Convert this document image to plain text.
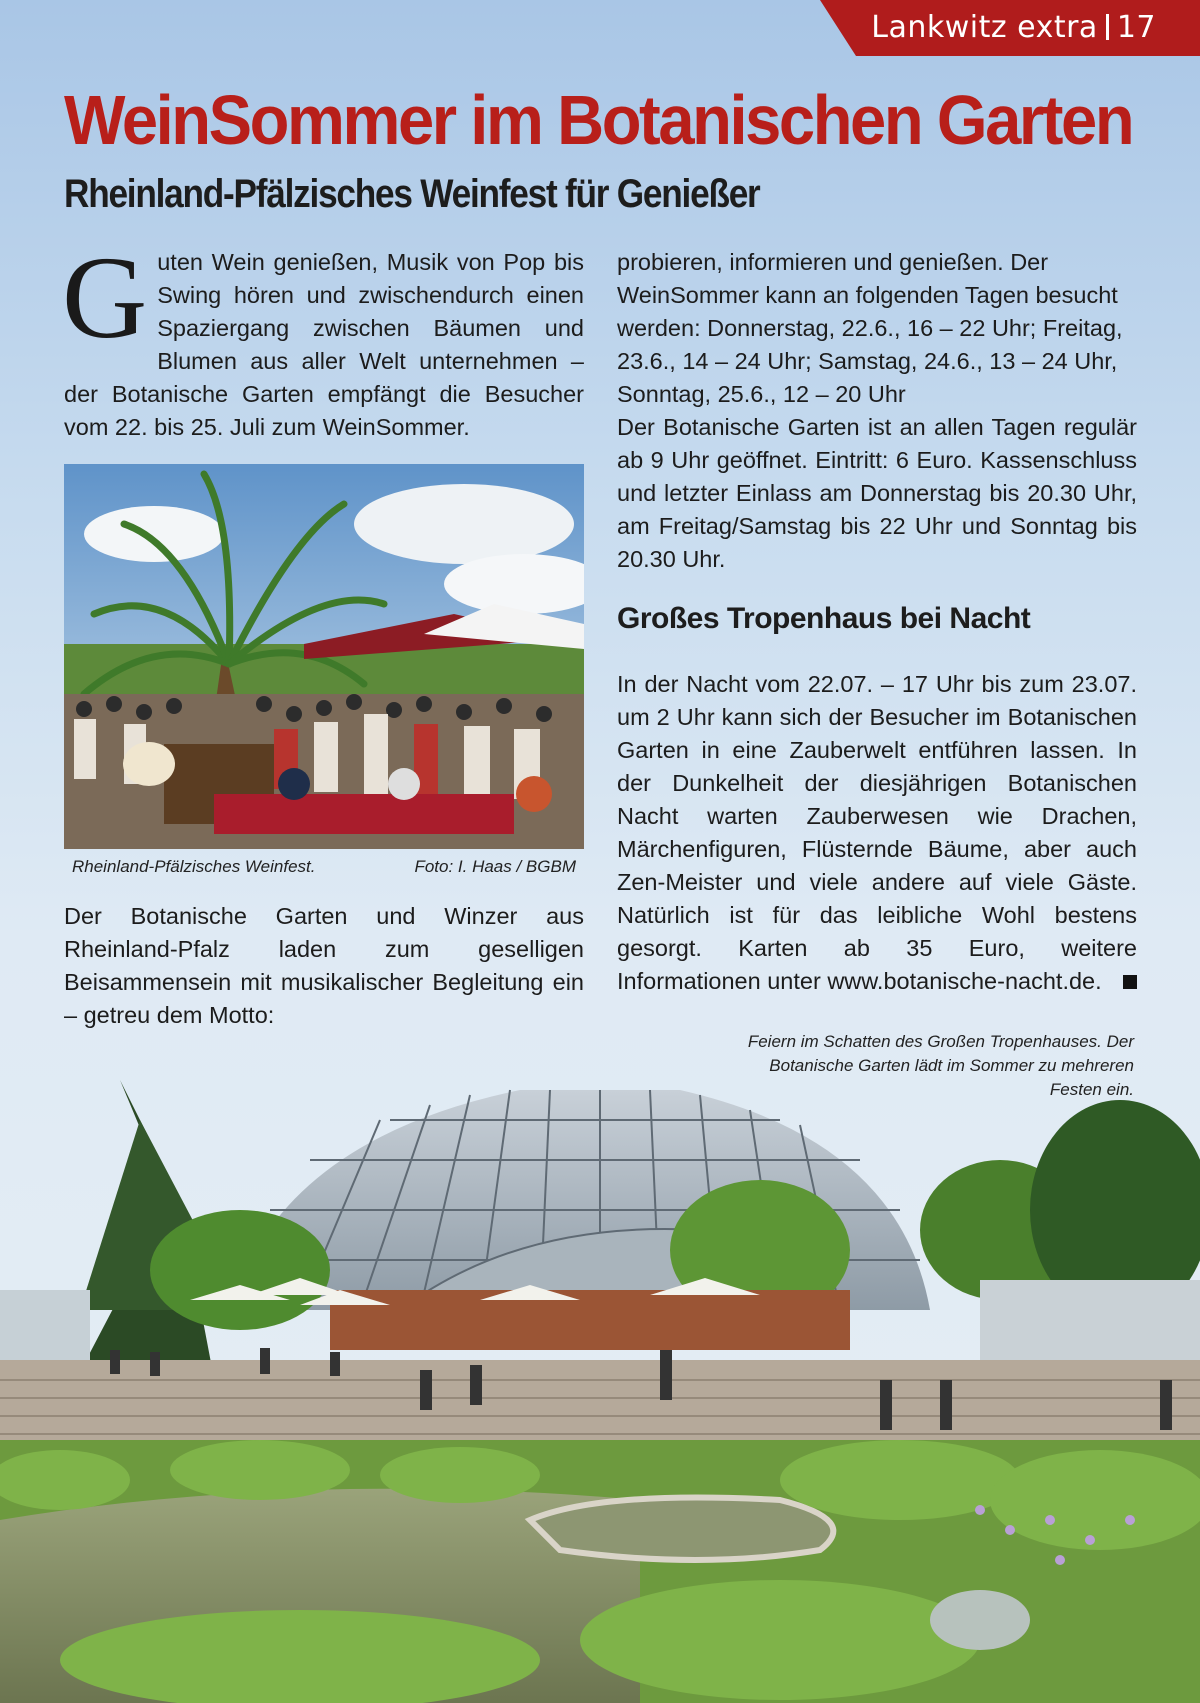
Lankwitz extra 17
WeinSommer im Botanischen Garten
Rheinland-Pfälzisches Weinfest für Genießer
G uten Wein genießen, Musik von Pop bis Swing hören und zwischendurch einen Spaziergang zwischen Bäumen und Blumen aus aller Welt unternehmen – der Botanische Garten empfängt die Besucher vom 22. bis 25. Juli zum WeinSommer.
Rheinland-Pfälzisches Weinfest.	Foto: I. Haas / BGBM

Der Botanische Garten und Winzer aus Rheinland-Pfalz laden zum geselligen Beisammensein mit musikalischer Begleitung ein – getreu dem Motto:

probieren, informieren und genießen. Der WeinSommer kann an folgenden Tagen besucht werden: Donnerstag, 22.6., 16 – 22 Uhr; Freitag, 23.6., 14 – 24 Uhr; Samstag, 24.6., 13 – 24 Uhr, Sonntag, 25.6., 12 – 20 Uhr

Der Botanische Garten ist an allen Tagen regulär ab 9 Uhr geöffnet. Eintritt: 6 Euro. Kassenschluss und letzter Einlass am Donnerstag bis 20.30 Uhr, am Freitag/Samstag bis 22 Uhr und Sonntag bis 20.30 Uhr.

Großes Tropenhaus bei Nacht

In der Nacht vom 22.07. – 17 Uhr bis zum 23.07. um 2 Uhr kann sich der Besucher im Botanischen Garten in eine Zauberwelt entführen lassen. In der Dunkelheit der diesjährigen Botanischen Nacht warten Zauberwesen wie Drachen, Märchenfiguren, Flüsternde Bäume, aber auch Zen-Meister und viele andere auf viele Gäste. Natürlich ist für das leibliche Wohl bestens gesorgt. Karten ab 35 Euro, weitere Informationen unter www.botanische-nacht.de.

Feiern im Schatten des Großen Tropenhauses. Der Botanische Garten lädt im Sommer zu mehreren Festen ein.
